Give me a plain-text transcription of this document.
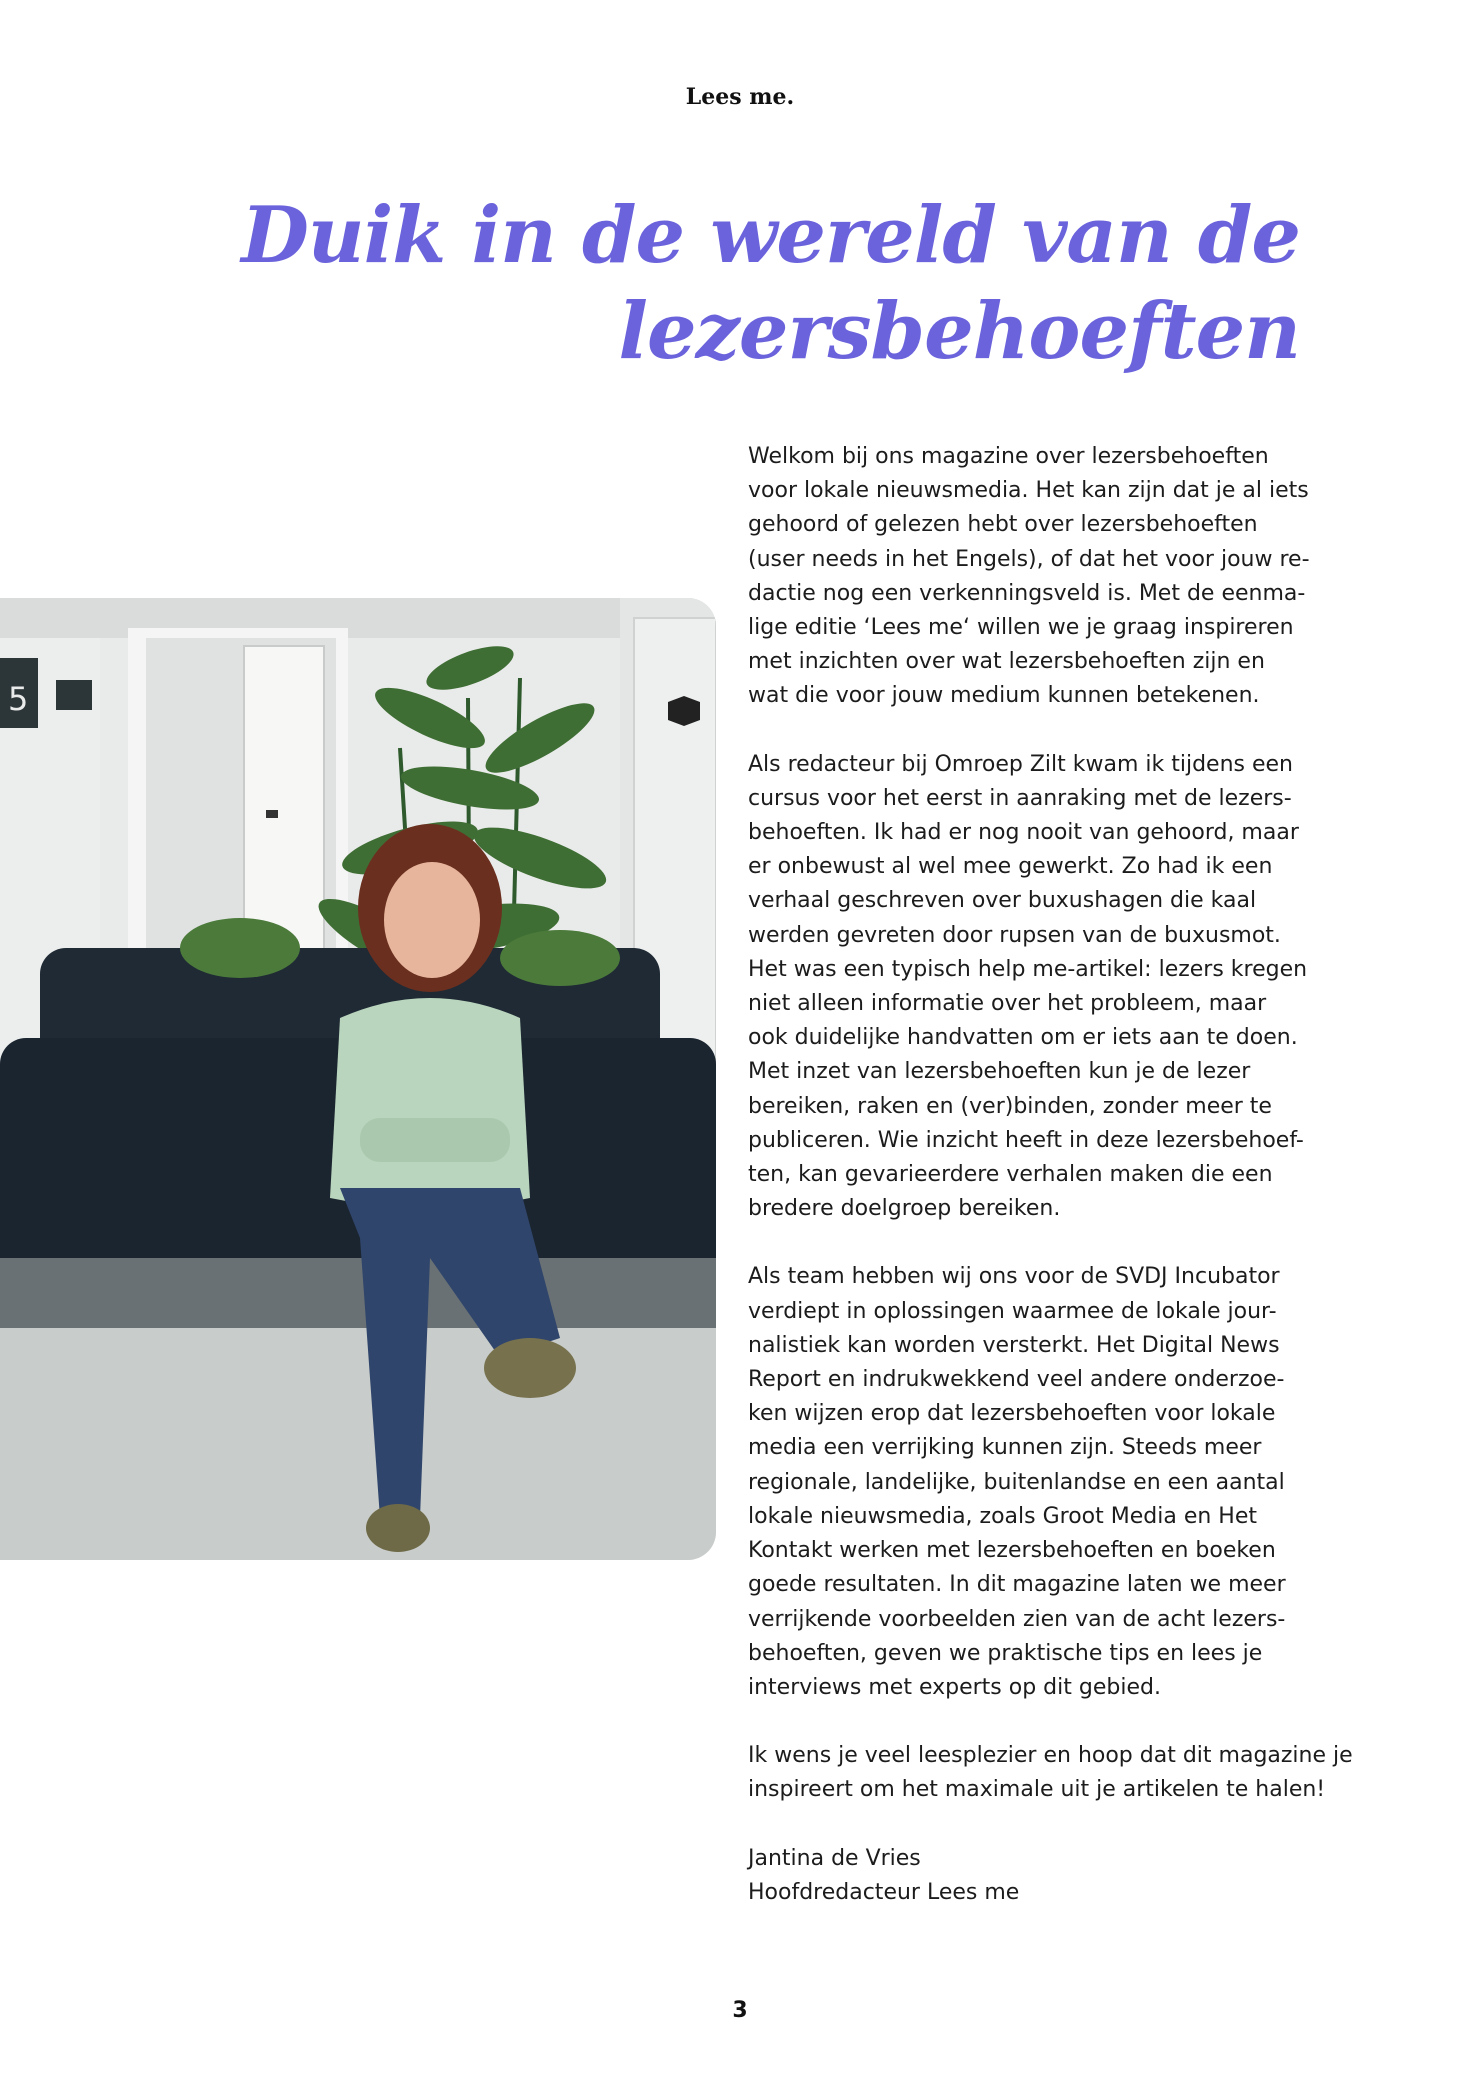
Lees me.
Duik in de wereld van de
lezersbehoeften
5

Welkom bij ons magazine over lezersbehoeften
voor lokale nieuwsmedia. Het kan zijn dat je al iets
gehoord of gelezen hebt over lezersbehoeften
(user needs in het Engels), of dat het voor jouw re-
dactie nog een verkenningsveld is. Met de eenma-
lige editie ‘Lees me‘ willen we je graag inspireren
met inzichten over wat lezersbehoeften zijn en
wat die voor jouw medium kunnen betekenen.

Als redacteur bij Omroep Zilt kwam ik tijdens een
cursus voor het eerst in aanraking met de lezers-
behoeften. Ik had er nog nooit van gehoord, maar
er onbewust al wel mee gewerkt. Zo had ik een
verhaal geschreven over buxushagen die kaal
werden gevreten door rupsen van de buxusmot.
Het was een typisch help me-artikel: lezers kregen
niet alleen informatie over het probleem, maar
ook duidelijke handvatten om er iets aan te doen.
Met inzet van lezersbehoeften kun je de lezer
bereiken, raken en (ver)binden, zonder meer te
publiceren. Wie inzicht heeft in deze lezersbehoef-
ten, kan gevarieerdere verhalen maken die een
bredere doelgroep bereiken.

Als team hebben wij ons voor de SVDJ Incubator
verdiept in oplossingen waarmee de lokale jour-
nalistiek kan worden versterkt. Het Digital News
Report en indrukwekkend veel andere onderzoe-
ken wijzen erop dat lezersbehoeften voor lokale
media een verrijking kunnen zijn. Steeds meer
regionale, landelijke, buitenlandse en een aantal
lokale nieuwsmedia, zoals Groot Media en Het
Kontakt werken met lezersbehoeften en boeken
goede resultaten. In dit magazine laten we meer
verrijkende voorbeelden zien van de acht lezers-
behoeften, geven we praktische tips en lees je
interviews met experts op dit gebied.

Ik wens je veel leesplezier en hoop dat dit magazine je
inspireert om het maximale uit je artikelen te halen!

Jantina de Vries
Hoofdredacteur Lees me

3
